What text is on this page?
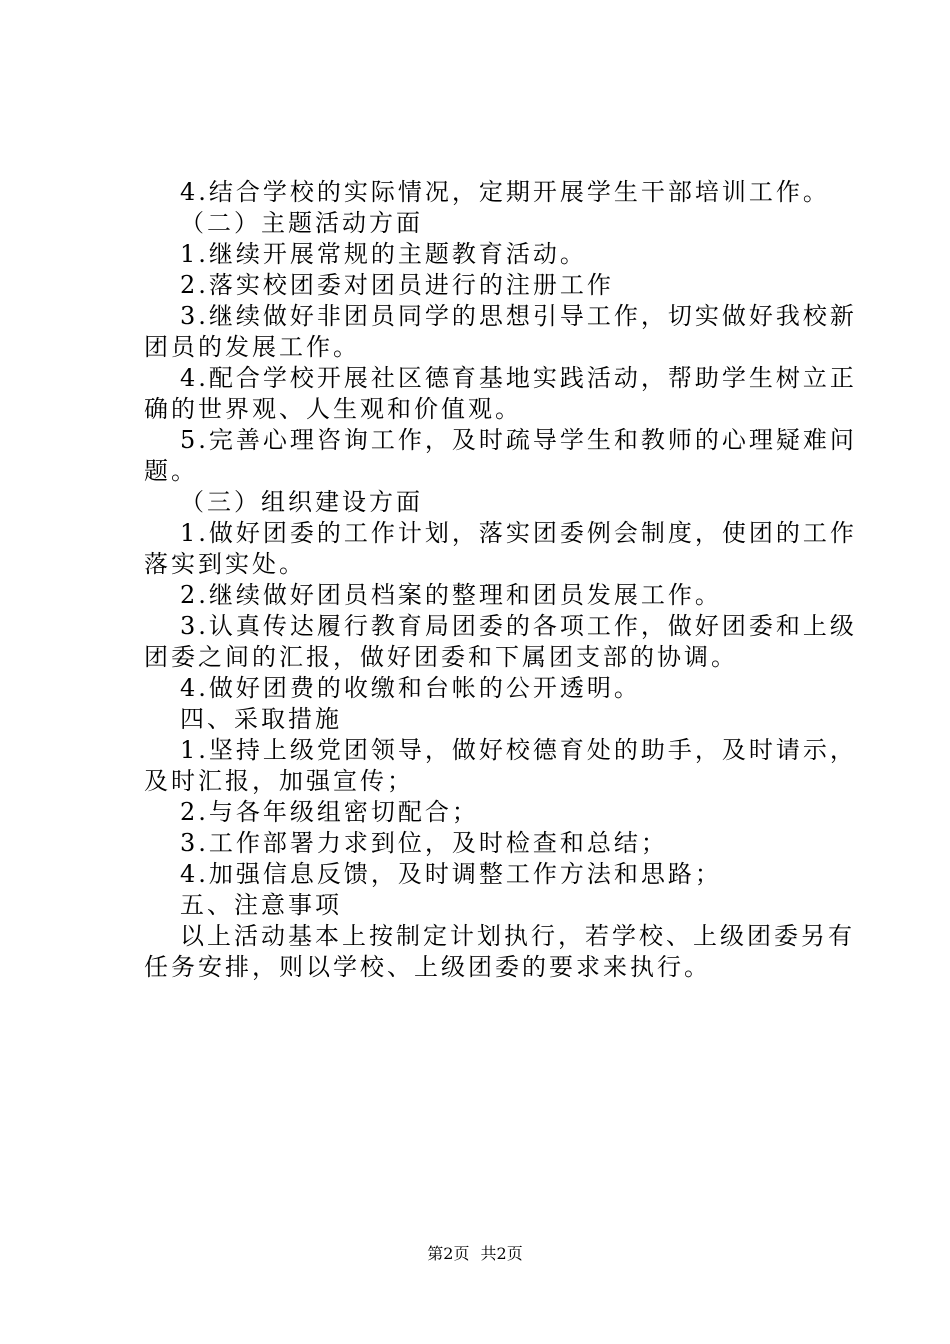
4.结合学校的实际情况，定期开展学生干部培训工作。
（二）主题活动方面
1.继续开展常规的主题教育活动。
2.落实校团委对团员进行的注册工作
3.继续做好非团员同学的思想引导工作，切实做好我校新
团员的发展工作。
4.配合学校开展社区德育基地实践活动，帮助学生树立正
确的世界观、人生观和价值观。
5.完善心理咨询工作，及时疏导学生和教师的心理疑难问
题。
（三）组织建设方面
1.做好团委的工作计划，落实团委例会制度，使团的工作
落实到实处。
2.继续做好团员档案的整理和团员发展工作。
3.认真传达履行教育局团委的各项工作，做好团委和上级
团委之间的汇报，做好团委和下属团支部的协调。
4.做好团费的收缴和台帐的公开透明。
四、采取措施
1.坚持上级党团领导，做好校德育处的助手，及时请示，
及时汇报，加强宣传；
2.与各年级组密切配合；
3.工作部署力求到位，及时检查和总结；
4.加强信息反馈，及时调整工作方法和思路；
五、注意事项
以上活动基本上按制定计划执行，若学校、上级团委另有
任务安排，则以学校、上级团委的要求来执行。
第2页 共2页
